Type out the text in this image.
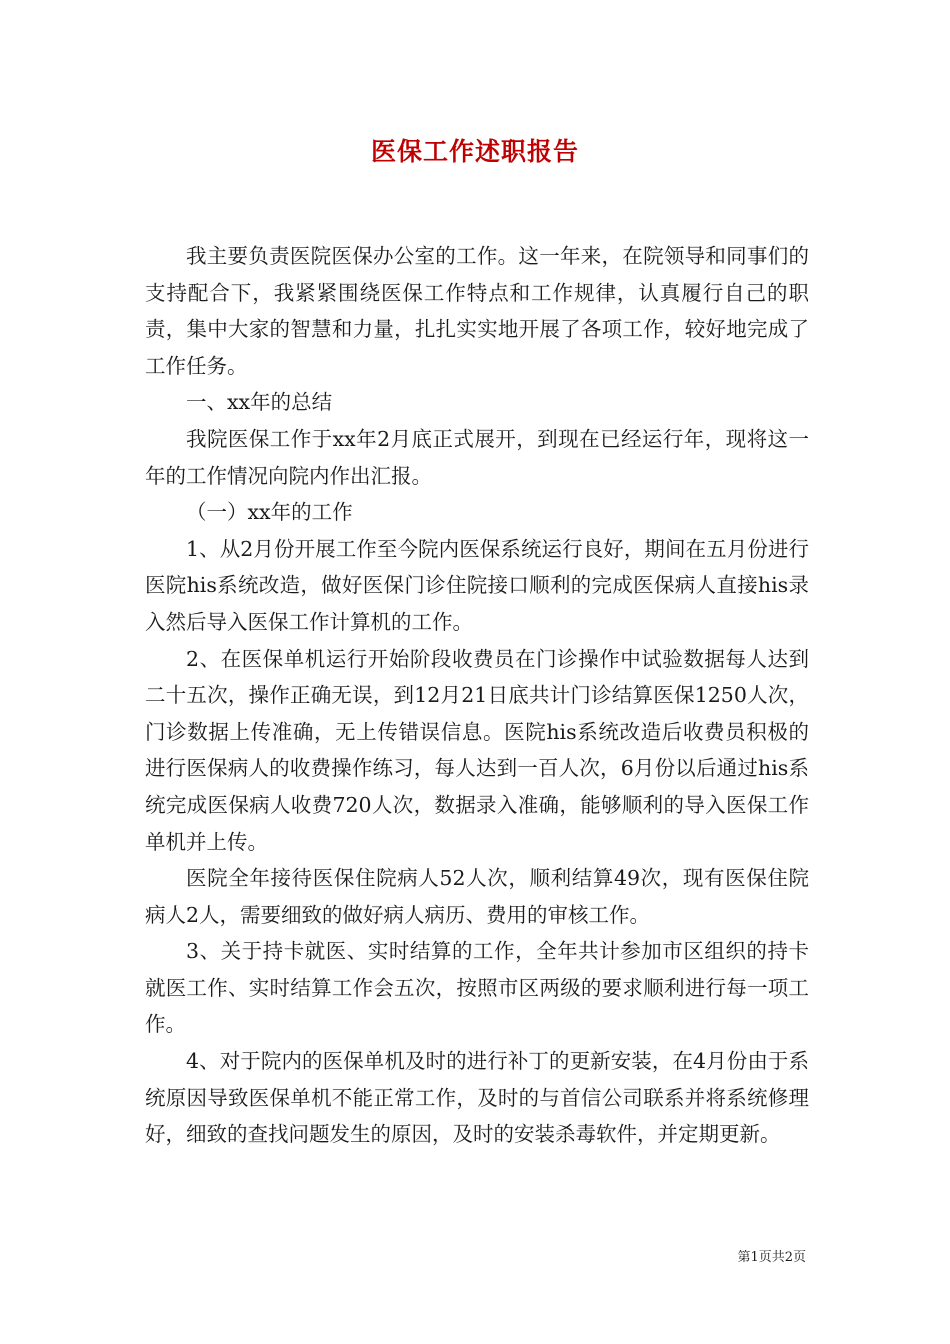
医保工作述职报告

我主要负责医院医保办公室的工作。这一年来，在院领导和同事们的支持配合下，我紧紧围绕医保工作特点和工作规律，认真履行自己的职责，集中大家的智慧和力量，扎扎实实地开展了各项工作，较好地完成了工作任务。

一、xx年的总结

我院医保工作于xx年2月底正式展开，到现在已经运行年，现将这一年的工作情况向院内作出汇报。

（一）xx年的工作

1、从2月份开展工作至今院内医保系统运行良好，期间在五月份进行医院his系统改造，做好医保门诊住院接口顺利的完成医保病人直接his录入然后导入医保工作计算机的工作。

2、在医保单机运行开始阶段收费员在门诊操作中试验数据每人达到二十五次，操作正确无误，到12月21日底共计门诊结算医保1250人次，门诊数据上传准确，无上传错误信息。医院his系统改造后收费员积极的进行医保病人的收费操作练习，每人达到一百人次，6月份以后通过his系统完成医保病人收费720人次，数据录入准确，能够顺利的导入医保工作单机并上传。

医院全年接待医保住院病人52人次，顺利结算49次，现有医保住院病人2人，需要细致的做好病人病历、费用的审核工作。

3、关于持卡就医、实时结算的工作，全年共计参加市区组织的持卡就医工作、实时结算工作会五次，按照市区两级的要求顺利进行每一项工作。

4、对于院内的医保单机及时的进行补丁的更新安装，在4月份由于系统原因导致医保单机不能正常工作，及时的与首信公司联系并将系统修理好，细致的查找问题发生的原因，及时的安装杀毒软件，并定期更新。

第1页共2页
